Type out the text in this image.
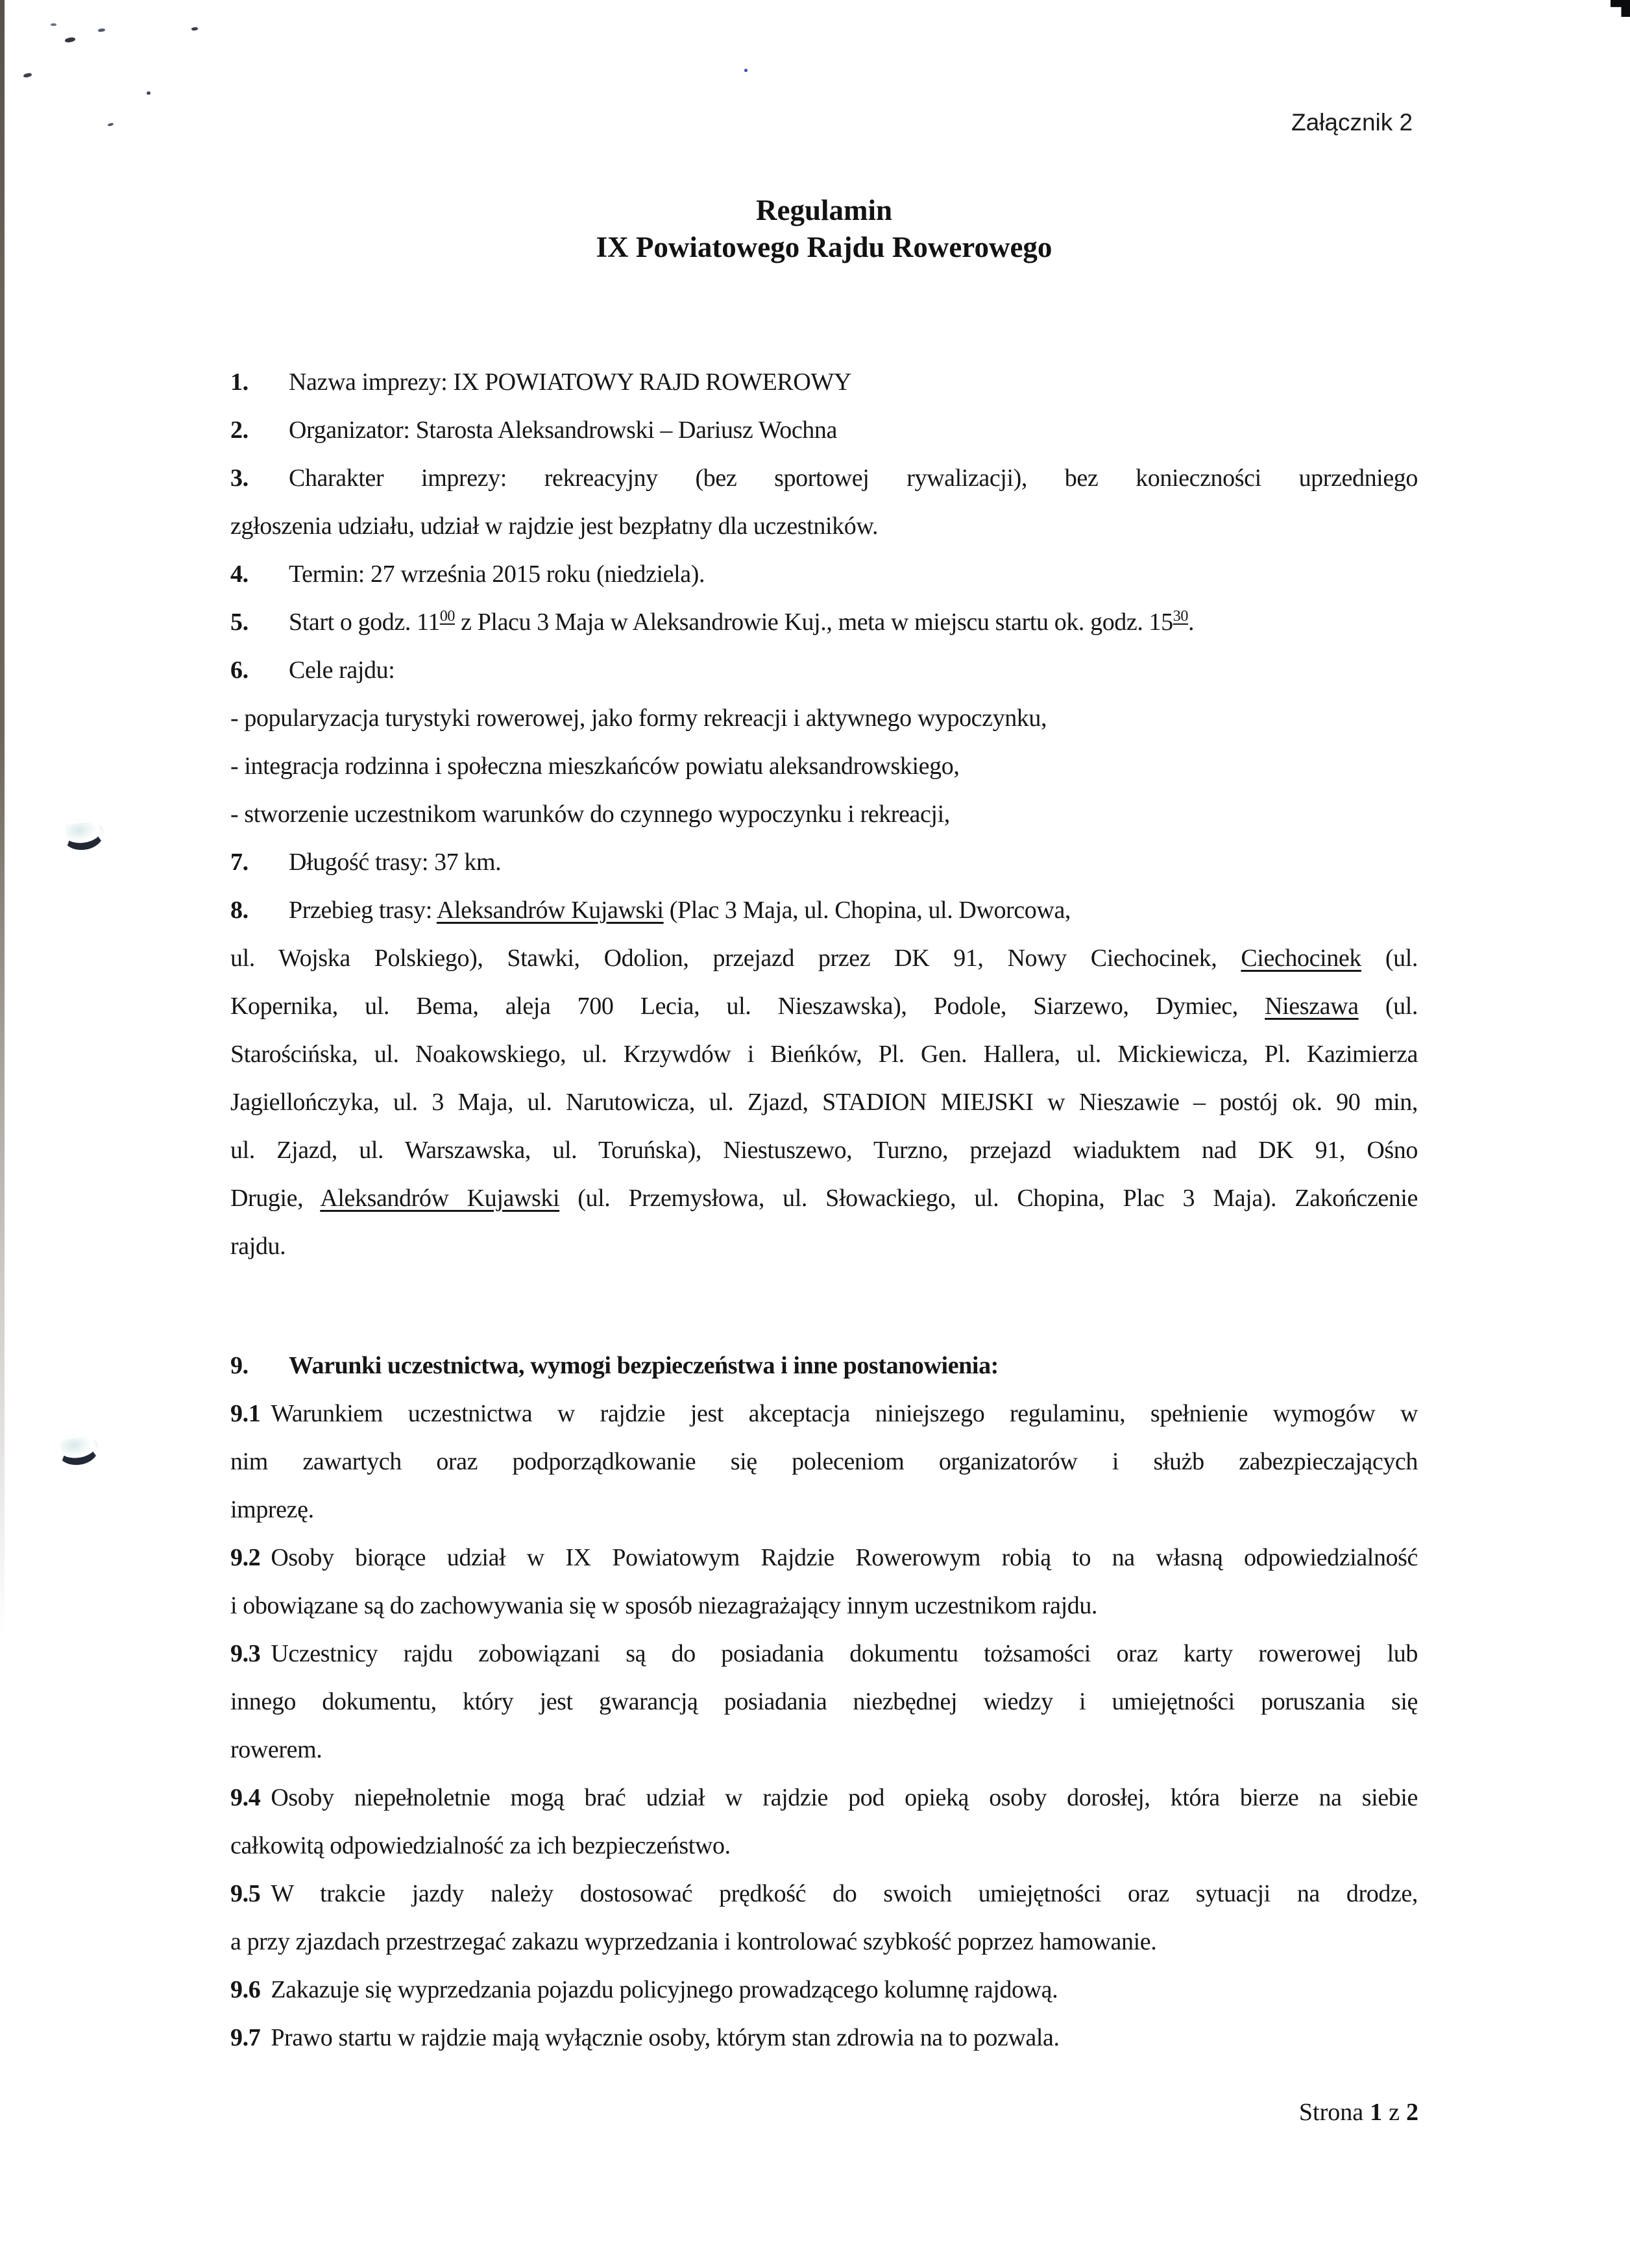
Załącznik 2
Regulamin
IX Powiatowego Rajdu Rowerowego
1. Nazwa imprezy: IX POWIATOWY RAJD ROWEROWY
2. Organizator: Starosta Aleksandrowski – Dariusz Wochna
3. Charakter imprezy: rekreacyjny (bez sportowej rywalizacji), bez konieczności uprzedniego
zgłoszenia udziału, udział w rajdzie jest bezpłatny dla uczestników.
4. Termin: 27 września 2015 roku (niedziela).
5. Start o godz. $11^{00}$ z Placu 3 Maja w Aleksandrowie Kuj., meta w miejscu startu ok. godz. $15^{30}$.
6. Cele rajdu:
- popularyzacja turystyki rowerowej, jako formy rekreacji i aktywnego wypoczynku,
- integracja rodzinna i społeczna mieszkańców powiatu aleksandrowskiego,
- stworzenie uczestnikom warunków do czynnego wypoczynku i rekreacji,
7. Długość trasy: 37 km.
8. Przebieg trasy: Aleksandrów Kujawski (Plac 3 Maja, ul. Chopina, ul. Dworcowa,
ul. Wojska Polskiego), Stawki, Odolion, przejazd przez DK 91, Nowy Ciechocinek, Ciechocinek (ul.
Kopernika, ul. Bema, aleja 700 Lecia, ul. Nieszawska), Podole, Siarzewo, Dymiec, Nieszawa (ul.
Starościńska, ul. Noakowskiego, ul. Krzywdów i Bieńków, Pl. Gen. Hallera, ul. Mickiewicza, Pl. Kazimierza
Jagiellończyka, ul. 3 Maja, ul. Narutowicza, ul. Zjazd, STADION MIEJSKI w Nieszawie – postój ok. 90 min,
ul. Zjazd, ul. Warszawska, ul. Toruńska), Niestuszewo, Turzno, przejazd wiaduktem nad DK 91, Ośno
Drugie, Aleksandrów Kujawski (ul. Przemysłowa, ul. Słowackiego, ul. Chopina, Plac 3 Maja). Zakończenie
rajdu.
9. Warunki uczestnictwa, wymogi bezpieczeństwa i inne postanowienia:
9.1 Warunkiem uczestnictwa w rajdzie jest akceptacja niniejszego regulaminu, spełnienie wymogów w
nim zawartych oraz podporządkowanie się poleceniom organizatorów i służb zabezpieczających
imprezę.
9.2 Osoby biorące udział w IX Powiatowym Rajdzie Rowerowym robią to na własną odpowiedzialność
i obowiązane są do zachowywania się w sposób niezagrażający innym uczestnikom rajdu.
9.3 Uczestnicy rajdu zobowiązani są do posiadania dokumentu tożsamości oraz karty rowerowej lub
innego dokumentu, który jest gwarancją posiadania niezbędnej wiedzy i umiejętności poruszania się
rowerem.
9.4 Osoby niepełnoletnie mogą brać udział w rajdzie pod opieką osoby dorosłej, która bierze na siebie
całkowitą odpowiedzialność za ich bezpieczeństwo.
9.5 W trakcie jazdy należy dostosować prędkość do swoich umiejętności oraz sytuacji na drodze,
a przy zjazdach przestrzegać zakazu wyprzedzania i kontrolować szybkość poprzez hamowanie.
9.6 Zakazuje się wyprzedzania pojazdu policyjnego prowadzącego kolumnę rajdową.
9.7 Prawo startu w rajdzie mają wyłącznie osoby, którym stan zdrowia na to pozwala.
Strona 1 z 2
